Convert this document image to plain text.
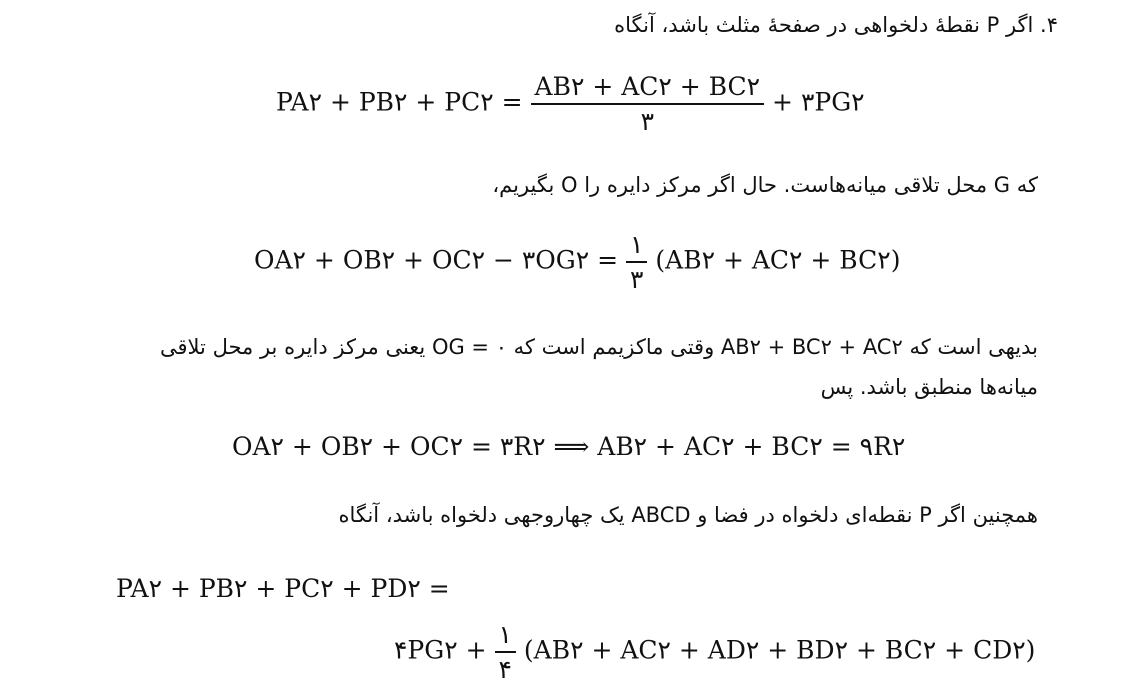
۴. اگر P نقطهٔ دلخواهی در صفحهٔ مثلث باشد، آنگاه
PA۲ + PB۲ + PC۲ = $\frac{AB۲ + AC۲ + BC۲}{۳}$ + ۳PG۲
که G محل تلاقی میانه‌هاست. حال اگر مرکز دایره را O بگیریم،
OA۲ + OB۲ + OC۲ − ۳OG۲ = $\frac{۱}{۳}$ (AB۲ + AC۲ + BC۲)
بدیهی است که AB۲ + BC۲ + AC۲ وقتی ماکزیمم است که OG = ۰ یعنی مرکز دایره بر محل تلاقی
میانه‌ها منطبق باشد. پس
OA۲ + OB۲ + OC۲ = ۳R۲ ⟹ AB۲ + AC۲ + BC۲ = ۹R۲
همچنین اگر P نقطه‌ای دلخواه در فضا و ABCD یک چهاروجهی دلخواه باشد، آنگاه
PA۲ + PB۲ + PC۲ + PD۲ =
۴PG۲ + $\frac{۱}{۴}$ (AB۲ + AC۲ + AD۲ + BD۲ + BC۲ + CD۲)
